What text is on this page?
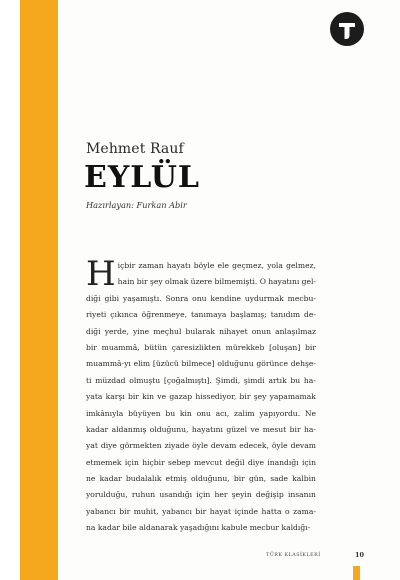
Mehmet Rauf
EYLÜL
Hazırlayan: Furkan Abir
H içbir zaman hayatı böyle ele geçmez, yola gelmez,
hain bir şey olmak üzere bilmemişti. O hayatını gel-
diği gibi yaşamıştı. Sonra onu kendine uydurmak mecbu-
riyeti çıkınca öğrenmeye, tanımaya başlamış; tanıdım de-
diği yerde, yine meçhul bularak nihayet onun anlaşılmaz
bir muammâ, bütün çaresizlikten mürekkeb [oluşan] bir
muammâ-yı elim [üzücü bilmece] olduğunu görünce dehşe-
ti müzdad olmuştu [çoğalmıştı]. Şimdi, şimdi artık bu ha-
yata karşı bir kin ve gazap hissediyor, bir şey yapamamak
imkânıyla büyüyen bu kin onu acı, zalim yapıyordu. Ne
kadar aldanmış olduğunu, hayatını güzel ve mesut bir ha-
yat diye görmekten ziyade öyle devam edecek, öyle devam
etmemek için hiçbir sebep mevcut değil diye inandığı için
ne kadar budalalık etmiş olduğunu, bir gün, sade kalbin
yorulduğu, ruhun usandığı için her şeyin değişip insanın
yabancı bir muhit, yabancı bir hayat içinde hatta o zama-
na kadar bile aldanarak yaşadığını kabule mecbur kaldığı-
TÜRK KLASİKLERİ	10
